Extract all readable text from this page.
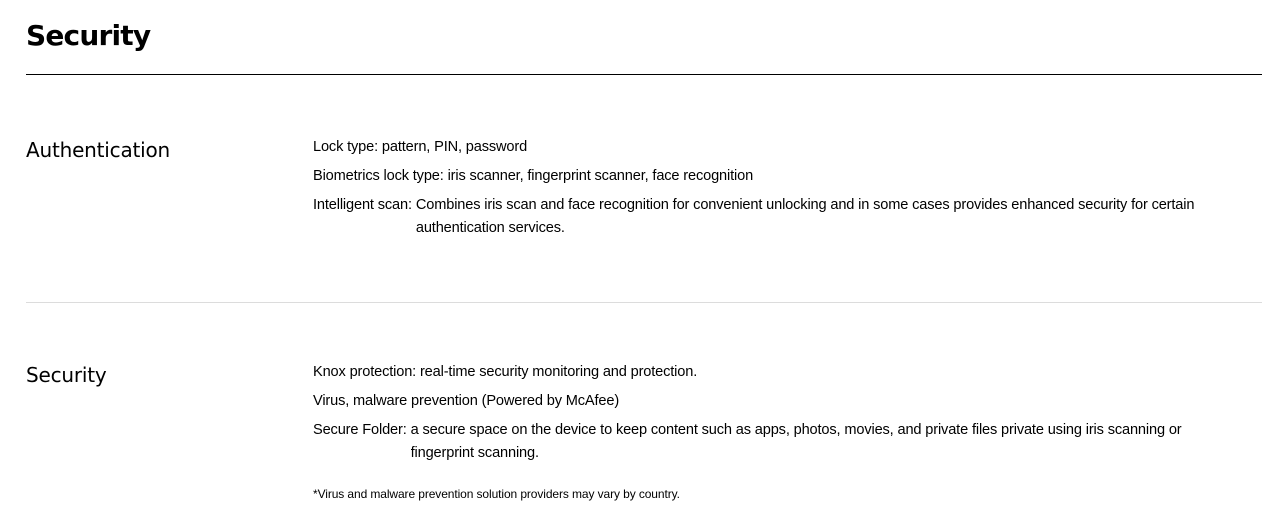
Security
Authentication	Lock type: pattern, PIN, password
Biometrics lock type: iris scanner, fingerprint scanner, face recognition
Intelligent scan: Combines iris scan and face recognition for convenient unlocking and in some cases provides enhanced security for certain authentication services.
Security	Knox protection: real-time security monitoring and protection.
Virus, malware prevention (Powered by McAfee)
Secure Folder: a secure space on the device to keep content such as apps, photos, movies, and private files private using iris scanning or fingerprint scanning.

*Virus and malware prevention solution providers may vary by country.
